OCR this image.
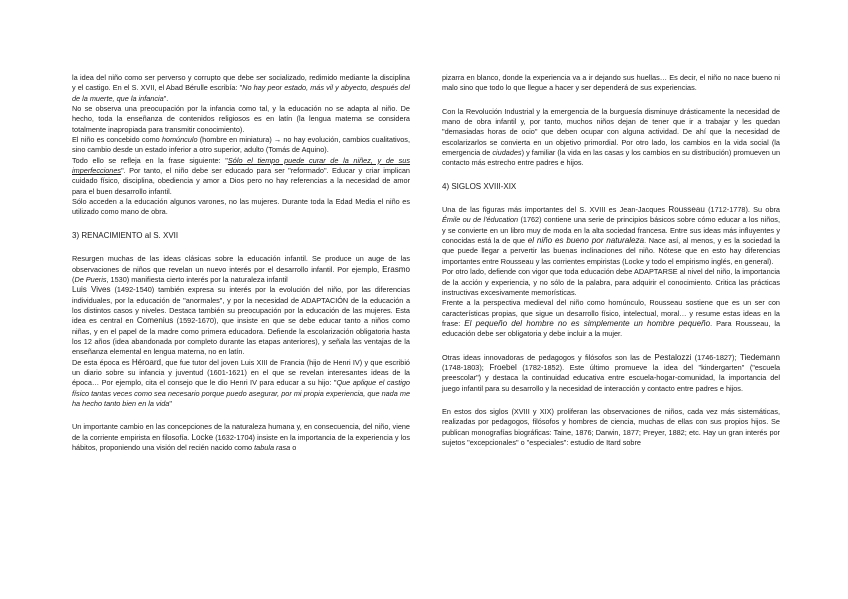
la idea del niño como ser perverso y corrupto que debe ser socializado, redimido mediante la disciplina y el castigo. En el S. XVII, el Abad Bérulle escribía: "No hay peor estado, más vil y abyecto, después del de la muerte, que la infancia".

No se observa una preocupación por la infancia como tal, y la educación no se adapta al niño. De hecho, toda la enseñanza de contenidos religiosos es en latín (la lengua materna se considera totalmente inapropiada para transmitir conocimiento).

El niño es concebido como homúnculo (hombre en miniatura) → no hay evolución, cambios cualitativos, sino cambio desde un estado inferior a otro superior, adulto (Tomás de Aquino).

Todo ello se refleja en la frase siguiente: "Sólo el tiempo puede curar de la niñez, y de sus imperfecciones". Por tanto, el niño debe ser educado para ser "reformado". Educar y criar implican cuidado físico, disciplina, obediencia y amor a Dios pero no hay referencias a la necesidad de amor para el buen desarrollo infantil.

Sólo acceden a la educación algunos varones, no las mujeres. Durante toda la Edad Media el niño es utilizado como mano de obra.

3) RENACIMIENTO al S. XVII

Resurgen muchas de las ideas clásicas sobre la educación infantil. Se produce un auge de las observaciones de niños que revelan un nuevo interés por el desarrollo infantil. Por ejemplo, Erasmo (De Pueris, 1530) manifiesta cierto interés por la naturaleza infantil

Luis Vives (1492-1540) también expresa su interés por la evolución del niño, por las diferencias individuales, por la educación de "anormales", y por la necesidad de ADAPTACIÓN de la educación a los distintos casos y niveles. Destaca también su preocupación por la educación de las mujeres. Esta idea es central en Comenius (1592-1670), que insiste en que se debe educar tanto a niños como niñas, y en el papel de la madre como primera educadora. Defiende la escolarización obligatoria hasta los 12 años (idea abandonada por completo durante las etapas anteriores), y señala las ventajas de la enseñanza elemental en lengua materna, no en latín.

De esta época es Héroard, que fue tutor del joven Luis XIII de Francia (hijo de Henri IV) y que escribió un diario sobre su infancia y juventud (1601-1621) en el que se revelan interesantes ideas de la época… Por ejemplo, cita el consejo que le dio Henri IV para educar a su hijo: "Que aplique el castigo físico tantas veces como sea necesario porque puedo asegurar, por mi propia experiencia, que nada me ha hecho tanto bien en la vida"

Un importante cambio en las concepciones de la naturaleza humana y, en consecuencia, del niño, viene de la corriente empirista en filosofía. Locke (1632-1704) insiste en la importancia de la experiencia y los hábitos, proponiendo una visión del recién nacido como tabula rasa o

pizarra en blanco, donde la experiencia va a ir dejando sus huellas… Es decir, el niño no nace bueno ni malo sino que todo lo que llegue a hacer y ser dependerá de sus experiencias.

Con la Revolución Industrial y la emergencia de la burguesía disminuye drásticamente la necesidad de mano de obra infantil y, por tanto, muchos niños dejan de tener que ir a trabajar y les quedan "demasiadas horas de ocio" que deben ocupar con alguna actividad. De ahí que la necesidad de escolarizarlos se convierta en un objetivo primordial. Por otro lado, los cambios en la vida social (la emergencia de ciudades) y familiar (la vida en las casas y los cambios en su distribución) promueven un contacto más estrecho entre padres e hijos.

4) SIGLOS XVIII-XIX

Una de las figuras más importantes del S. XVIII es Jean-Jacques Rousseau (1712-1778). Su obra Émile ou de l'éducation (1762) contiene una serie de principios básicos sobre cómo educar a los niños, y se convierte en un libro muy de moda en la alta sociedad francesa. Entre sus ideas más influyentes y conocidas está la de que el niño es bueno por naturaleza. Nace así, al menos, y es la sociedad la que puede llegar a pervertir las buenas inclinaciones del niño. Nótese que en esto hay diferencias importantes entre Rousseau y las corrientes empiristas (Locke y todo el empirismo inglés, en general).

Por otro lado, defiende con vigor que toda educación debe ADAPTARSE al nivel del niño, la importancia de la acción y experiencia, y no sólo de la palabra, para adquirir el conocimiento. Critica las prácticas instructivas excesivamente memorísticas.

Frente a la perspectiva medieval del niño como homúnculo, Rousseau sostiene que es un ser con características propias, que sigue un desarrollo físico, intelectual, moral… y resume estas ideas en la frase: El pequeño del hombre no es simplemente un hombre pequeño. Para Rousseau, la educación debe ser obligatoria y debe incluir a la mujer.

Otras ideas innovadoras de pedagogos y filósofos son las de Pestalozzi (1746-1827); Tiedemann (1748-1803); Froebel (1782-1852). Este último promueve la idea del "kindergarten" ("escuela preescolar") y destaca la continuidad educativa entre escuela-hogar-comunidad, la importancia del juego infantil para su desarrollo y la necesidad de interacción y contacto entre padres e hijos.

En estos dos siglos (XVIII y XIX) proliferan las observaciones de niños, cada vez más sistemáticas, realizadas por pedagogos, filósofos y hombres de ciencia, muchas de ellas con sus propios hijos. Se publican monografías biográficas: Taine, 1876; Darwin, 1877; Preyer, 1882; etc. Hay un gran interés por sujetos "excepcionales" o "especiales": estudio de Itard sobre
